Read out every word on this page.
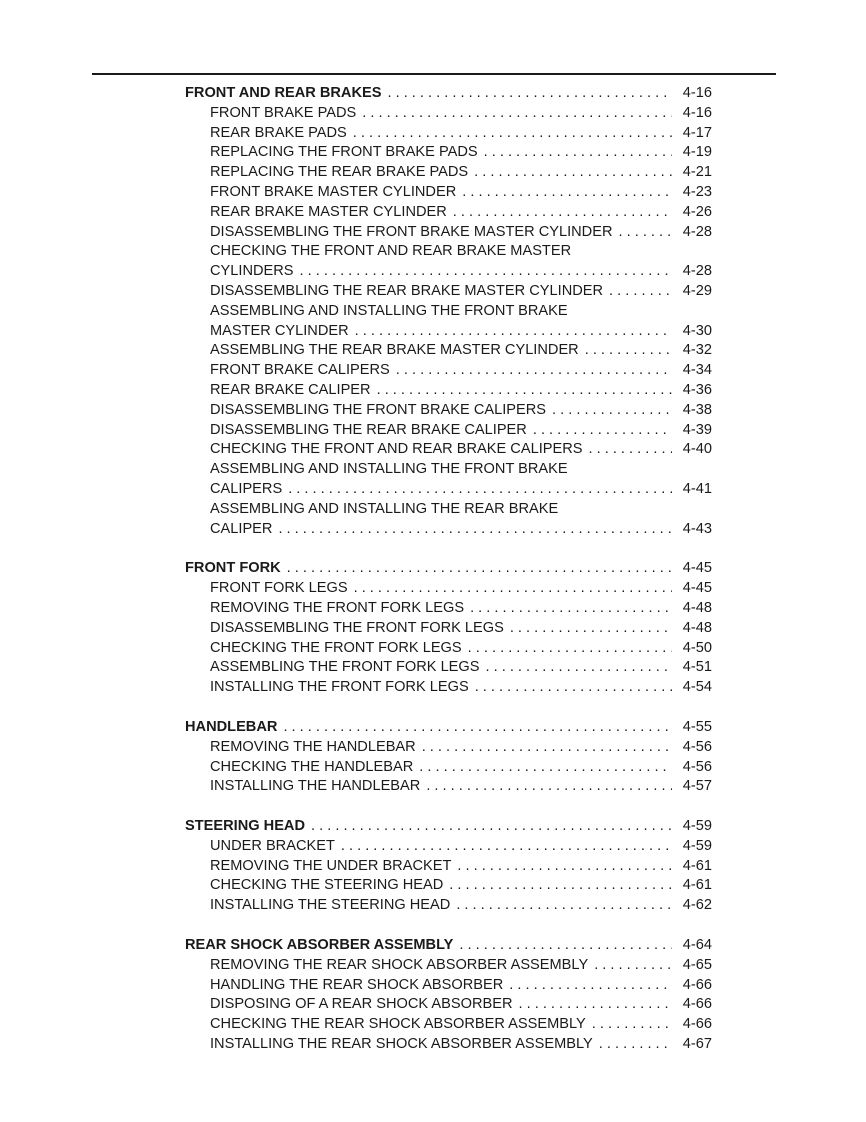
FRONT AND REAR BRAKES . . .	4-16
FRONT BRAKE PADS . . .	4-16
REAR BRAKE PADS . . .	4-17
REPLACING THE FRONT BRAKE PADS . . .	4-19
REPLACING THE REAR BRAKE PADS . . .	4-21
FRONT BRAKE MASTER CYLINDER . . .	4-23
REAR BRAKE MASTER CYLINDER . . .	4-26
DISASSEMBLING THE FRONT BRAKE MASTER CYLINDER . . .	4-28
CHECKING THE FRONT AND REAR BRAKE MASTER
CYLINDERS . . .	4-28
DISASSEMBLING THE REAR BRAKE MASTER CYLINDER . . .	4-29
ASSEMBLING AND INSTALLING THE FRONT BRAKE
MASTER CYLINDER . . .	4-30
ASSEMBLING THE REAR BRAKE MASTER CYLINDER . . .	4-32
FRONT BRAKE CALIPERS . . .	4-34
REAR BRAKE CALIPER . . .	4-36
DISASSEMBLING THE FRONT BRAKE CALIPERS . . .	4-38
DISASSEMBLING THE REAR BRAKE CALIPER . . .	4-39
CHECKING THE FRONT AND REAR BRAKE CALIPERS . . .	4-40
ASSEMBLING AND INSTALLING THE FRONT BRAKE
CALIPERS . . .	4-41
ASSEMBLING AND INSTALLING THE REAR BRAKE
CALIPER . . .	4-43
FRONT FORK . . .	4-45
FRONT FORK LEGS . . .	4-45
REMOVING THE FRONT FORK LEGS . . .	4-48
DISASSEMBLING THE FRONT FORK LEGS . . .	4-48
CHECKING THE FRONT FORK LEGS . . .	4-50
ASSEMBLING THE FRONT FORK LEGS . . .	4-51
INSTALLING THE FRONT FORK LEGS . . .	4-54
HANDLEBAR . . .	4-55
REMOVING THE HANDLEBAR . . .	4-56
CHECKING THE HANDLEBAR . . .	4-56
INSTALLING THE HANDLEBAR . . .	4-57
STEERING HEAD . . .	4-59
UNDER BRACKET . . .	4-59
REMOVING THE UNDER BRACKET . . .	4-61
CHECKING THE STEERING HEAD . . .	4-61
INSTALLING THE STEERING HEAD . . .	4-62
REAR SHOCK ABSORBER ASSEMBLY . . .	4-64
REMOVING THE REAR SHOCK ABSORBER ASSEMBLY . . .	4-65
HANDLING THE REAR SHOCK ABSORBER . . .	4-66
DISPOSING OF A REAR SHOCK ABSORBER . . .	4-66
CHECKING THE REAR SHOCK ABSORBER ASSEMBLY . . .	4-66
INSTALLING THE REAR SHOCK ABSORBER ASSEMBLY . . .	4-67
